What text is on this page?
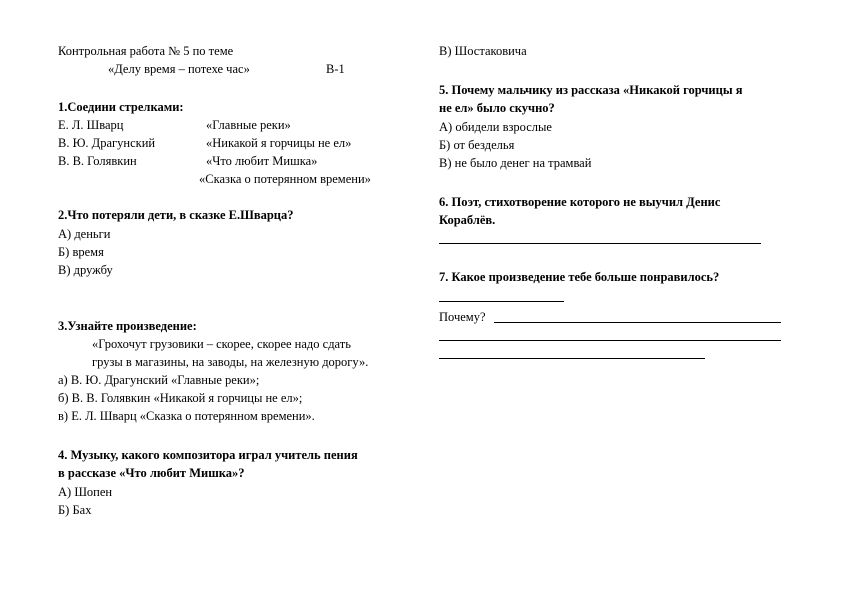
Контрольная работа № 5 по теме
«Делу время – потехе час»	В-1
1.Соедини стрелками:
Е. Л. Шварц
В. Ю. Драгунский
В. В. Голявкин
«Главные реки»
«Никакой я горчицы не ел»
«Что любит Мишка»
«Сказка о потерянном времени»
2.Что потеряли дети, в сказке Е.Шварца?
А) деньги
Б) время
В) дружбу
3.Узнайте произведение:
«Грохочут грузовики – скорее, скорее надо сдать
грузы в магазины, на заводы, на железную дорогу».
а) В. Ю. Драгунский «Главные реки»;
б) В. В. Голявкин «Никакой я горчицы не ел»;
в) Е. Л. Шварц «Сказка о потерянном времени».
4. Музыку, какого композитора играл учитель пения
в рассказе «Что любит Мишка»?
А) Шопен
Б) Бах
В) Шостаковича
5. Почему мальчику из рассказа «Никакой горчицы я
не ел» было скучно?
А) обидели взрослые
Б) от безделья
В) не было денег на трамвай
6. Поэт, стихотворение которого не выучил Денис
Кораблёв.
7. Какое произведение тебе больше понравилось?
Почему?
